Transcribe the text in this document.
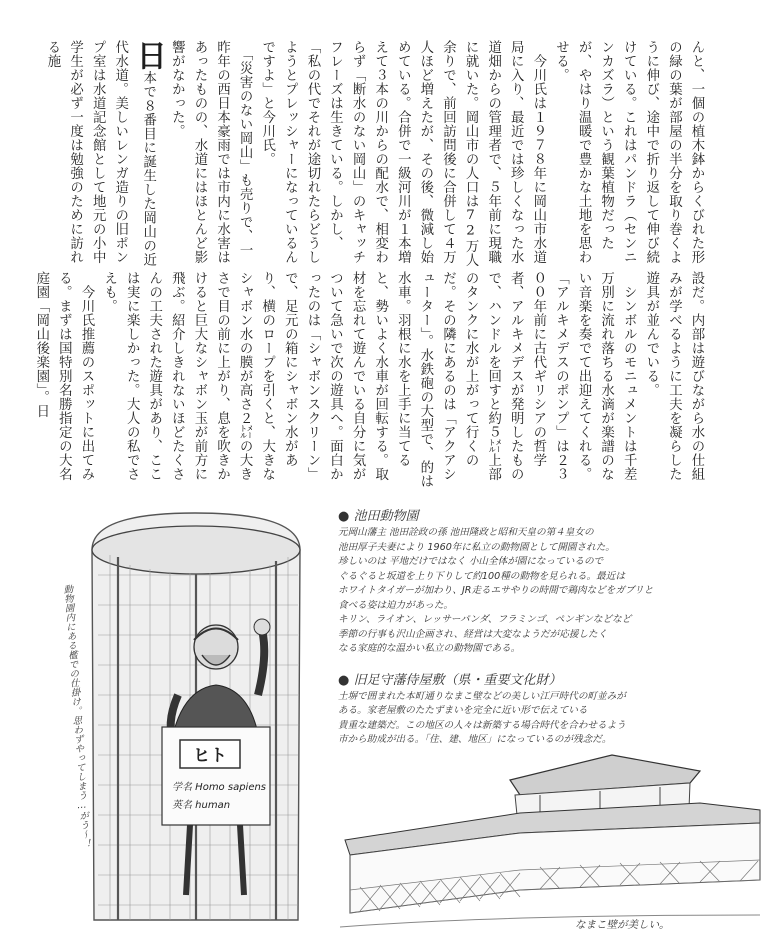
んと、一個の植木鉢からくびれた形の緑の葉が部屋の半分を取り巻くように伸び、途中で折り返して伸び続けている。これはパンドラ（センニンカズラ）という観葉植物だったが、やはり温暖で豊かな土地を思わせる。
　今川氏は１９７８年に岡山市水道局に入り、最近では珍しくなった水道畑からの管理者で、５年前に現職に就いた。岡山市の人口は72万人余りで、前回訪問後に合併して４万人ほど増えたが、その後、微減し始めている。合併で一級河川が１本増えて３本の川からの配水で、相変わらず「断水のない岡山」のキャッチフレーズは生きている。しかし、「私の代でそれが途切れたらどうしようとプレッシャーになっているんですよ」と今川氏。
　「災害のない岡山」も売りで、一昨年の西日本豪雨では市内に水害はあったものの、水道にはほとんど影響がなかった。
日本で８番目に誕生した岡山の近代水道。美しいレンガ造りの旧ポンプ室は水道記念館として地元の小中学生が必ず一度は勉強のために訪れる施
設だ。内部は遊びながら水の仕組みが学べるように工夫を凝らした遊具が並んでいる。
　シンボルのモニュメントは千差万別に流れ落ちる水滴が楽譜のない音楽を奏でて出迎えてくれる。「アルキメデスのポンプ」は２３００年前に古代ギリシアの哲学者、アルキメデスが発明したもので、ハンドルを回すと約５㍍上部のタンクに水が上がって行くのだ。その隣にあるのは「アクアシューター」。水鉄砲の大型で、的は水車。羽根に水を上手に当てると、勢いよく水車が回転する。取材を忘れて遊んでいる自分に気がついて急いで次の遊具へ。面白かったのは「シャボンスクリーン」で、足元の箱にシャボン水があり、横のロープを引くと、大きなシャボン水の膜が高さ２㍍の大きさで目の前に上がり、息を吹きかけると巨大なシャボン玉が前方に飛ぶ。紹介しきれないほどたくさんの工夫された遊具があり、ここは実に楽しかった。大人の私でさえも。
　今川氏推薦のスポットに出てみる。まずは国特別名勝指定の大名庭園「岡山後楽園」。日
ヒト
学名 Homo sapiens
英名 human

● 池田動物園

元岡山藩主 池田詮政の孫 池田隆政と昭和天皇の第４皇女の

池田厚子夫妻により 1960年に私立の動物園として開園された。

珍しいのは 平地だけではなく 小山全体が園になっているので

ぐるぐると坂道を上り下りして約100種の動物を見られる。最近は

ホワイトタイガーが加わり、JR走るエサやりの時間で鶏肉などをガブリと

食べる姿は迫力があった。

キリン、ライオン、レッサーパンダ、フラミンゴ、ペンギンなどなど

季節の行事も沢山企画され、経営は大変なようだが応援したく

なる家庭的な温かい私立の動物園である。

● 旧足守藩侍屋敷（県・重要文化財）

土塀で囲まれた本町通りなまこ壁などの美しい江戸時代の町並みが

ある。家老屋敷のたたずまいを完全に近い形で伝えている

貴重な建築だ。この地区の人々は新築する場合時代を合わせるよう

市から助成が出る。「住、建、地区」になっているのが残念だ。

動物園内にある檻での仕掛け。思わずやってしまう…がう〜！
なまこ壁が美しい。
